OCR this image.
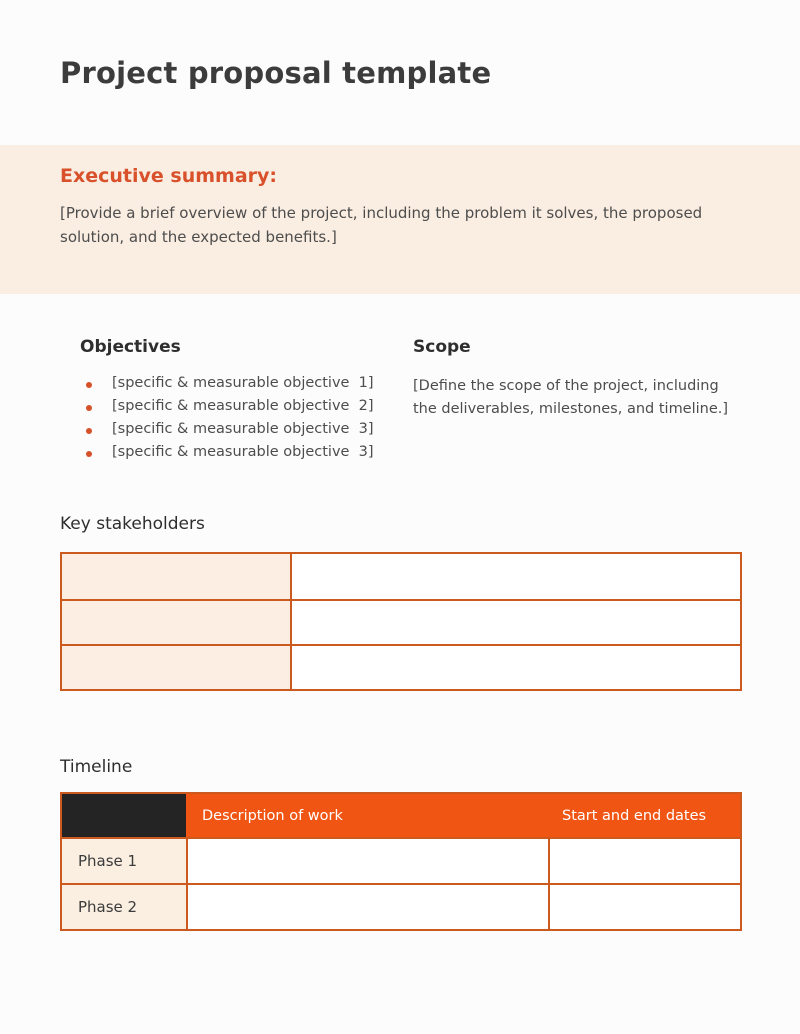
Project proposal template
Executive summary:

[Provide a brief overview of the project, including the problem it solves, the proposed solution, and the expected benefits.]

Objectives
[specific & measurable objective  1]
[specific & measurable objective  2]
[specific & measurable objective  3]
[specific & measurable objective  3]
Scope

[Define the scope of the project, including the deliverables, milestones, and timeline.]

Key stakeholders
Timeline
Description of work	Start and end dates
Phase 1
Phase 2
